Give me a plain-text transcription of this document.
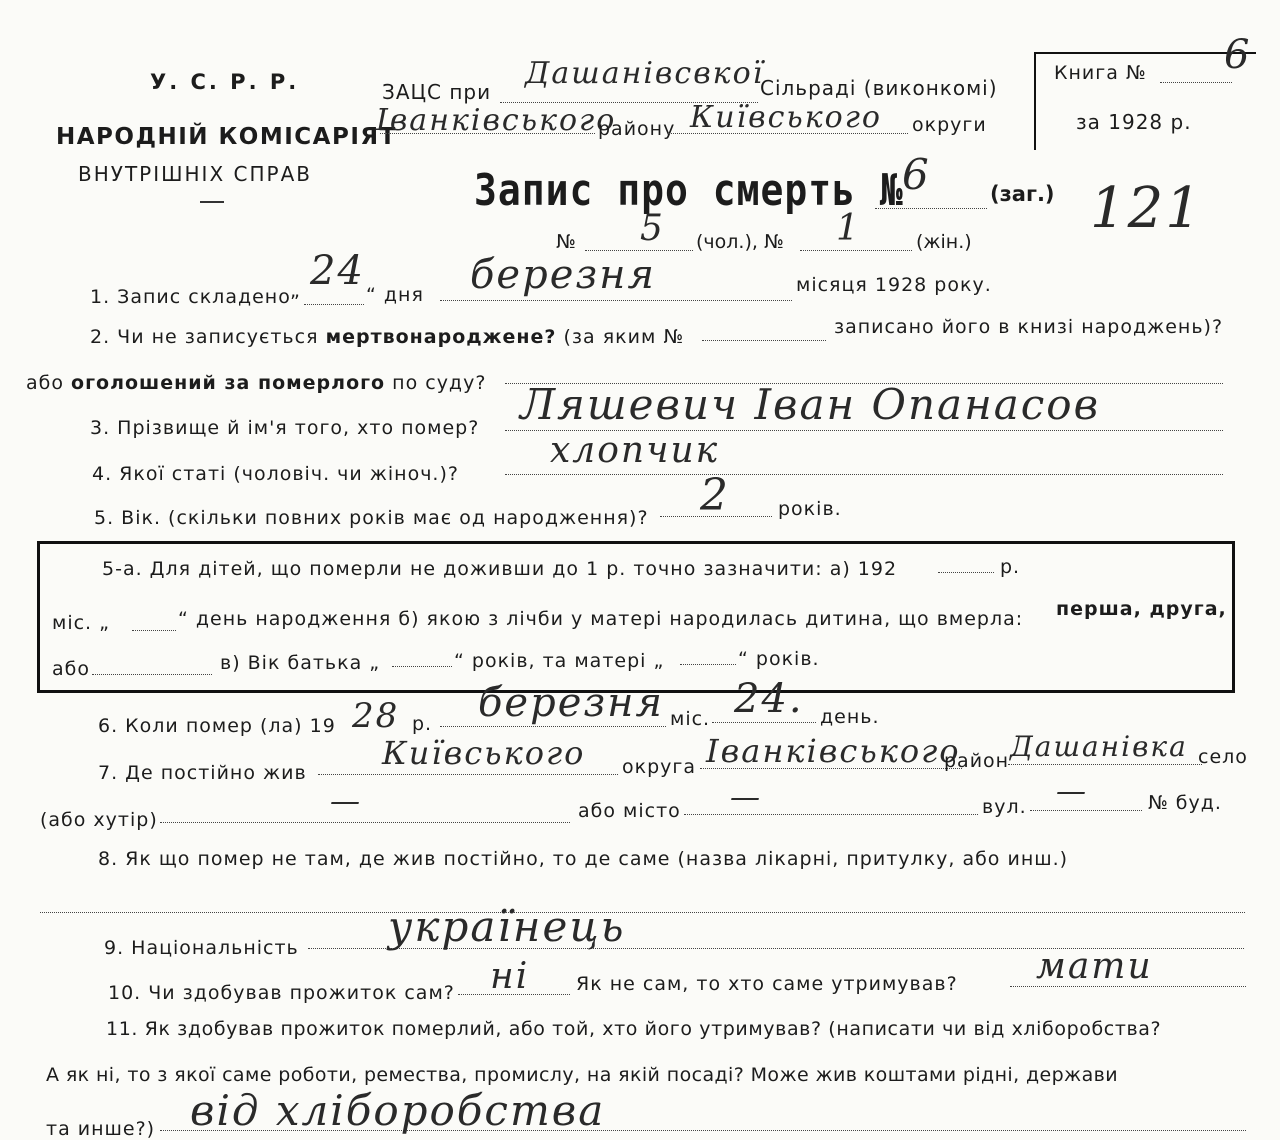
У. С. Р. Р.
НАРОДНІЙ КОМІСАРІЯТ
ВНУТРІШНІХ СПРАВ
ЗАЦС при
Дашанівсвкої
Сільраді (виконкомі)
Іванківського
району Київського округи
Книга № 6
за 1928 р.
Запис про смерть №
6	(заг.) 121
№ 5 (чол.), № 1	(жін.)
1. Запис складено „ 24
“ дня березня	місяця 1928 року.
2. Чи не записується мертвонароджене? (за яким №	записано його в книзі народжень)?
або оголошений за померлого по суду?
3. Прізвище й ім'я того, хто помер? Ляшевич Іван Опанасов
4. Якої статі (чоловіч. чи жіноч.)?
хлопчик
5. Вік. (скільки повних років має од народження)? 2	років.
5-а. Для дітей, що померли не доживши до 1 р. точно зазначити: а) 192	р.
міс. „	“ день народження б) якою з лічби у матері народилась дитина, що вмерла: перша, друга,
або	в) Вік батька „	“ років, та матері „	“ років.
6. Коли помер (ла) 19 28 р. березня міс. 24. день.
7. Де постійно жив
Київського округа Іванківського
район Дашанівка село
(або хутір)
—	або місто —	вул. —	№ буд.
8. Як що помер не там, де жив постійно, то де саме (назва лікарні, притулку, або инш.)
9. Національність українець
10. Чи здобував прожиток сам? ні Як не сам, то хто саме утримував? мати
11. Як здобував прожиток померлий, або той, хто його утримував? (написати чи від хліборобства?
А як ні, то з якої саме роботи, ремества, промислу, на якій посаді? Може жив коштами рідні, держави
та инше?) від хліборобства
